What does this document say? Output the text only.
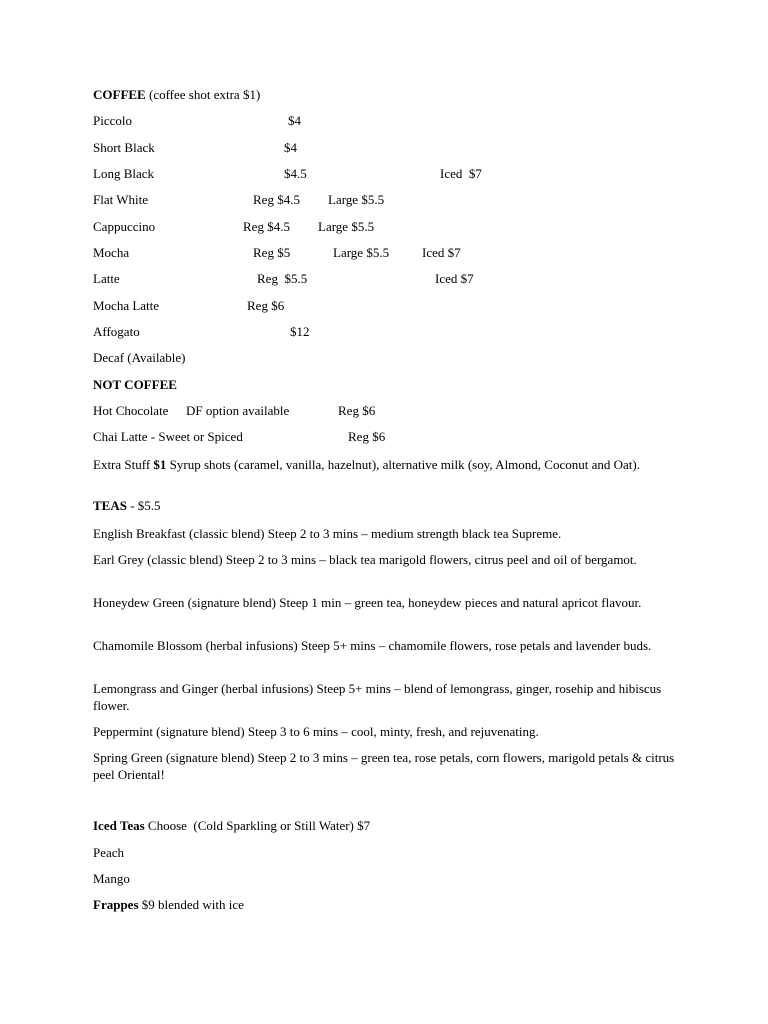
COFFEE (coffee shot extra $1)
Piccolo	$4
Short Black	$4
Long Black	$4.5	Iced  $7
Flat White	Reg $4.5 Large $5.5
Cappuccino	Reg $4.5 Large $5.5
Mocha	Reg $5	Large $5.5	Iced $7
Latte	Reg  $5.5	Iced $7
Mocha Latte	Reg $6
Affogato	$12
Decaf (Available)
NOT COFFEE
Hot Chocolate DF option available	Reg $6
Chai Latte - Sweet or Spiced	Reg $6
Extra Stuff $1 Syrup shots (caramel, vanilla, hazelnut), alternative milk (soy, Almond, Coconut and Oat).
TEAS - $5.5
English Breakfast (classic blend) Steep 2 to 3 mins – medium strength black tea Supreme.
Earl Grey (classic blend) Steep 2 to 3 mins – black tea marigold flowers, citrus peel and oil of bergamot.
Honeydew Green (signature blend) Steep 1 min – green tea, honeydew pieces and natural apricot flavour.
Chamomile Blossom (herbal infusions) Steep 5+ mins – chamomile flowers, rose petals and lavender buds.
Lemongrass and Ginger (herbal infusions) Steep 5+ mins – blend of lemongrass, ginger, rosehip and hibiscus flower.
Peppermint (signature blend) Steep 3 to 6 mins – cool, minty, fresh, and rejuvenating.
Spring Green (signature blend) Steep 2 to 3 mins – green tea, rose petals, corn flowers, marigold petals & citrus peel Oriental!
Iced Teas Choose  (Cold Sparkling or Still Water) $7
Peach
Mango
Frappes $9 blended with ice
